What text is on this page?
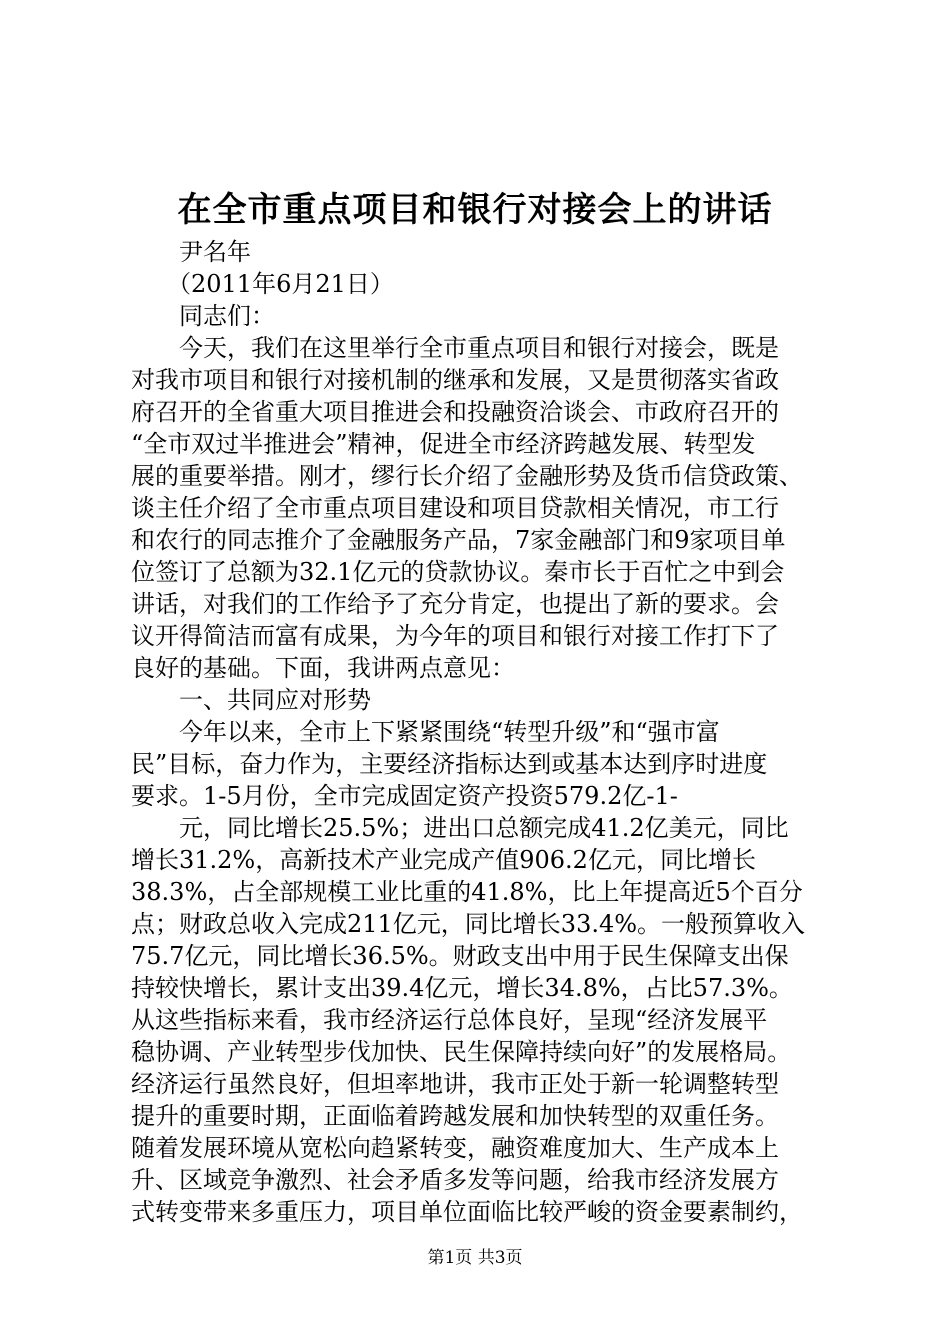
在全市重点项目和银行对接会上的讲话
尹名年
（2011年6月21日）
同志们：
今天，我们在这里举行全市重点项目和银行对接会，既是
对我市项目和银行对接机制的继承和发展，又是贯彻落实省政
府召开的全省重大项目推进会和投融资洽谈会、市政府召开的
“全市双过半推进会”精神，促进全市经济跨越发展、转型发
展的重要举措。刚才，缪行长介绍了金融形势及货币信贷政策、
谈主任介绍了全市重点项目建设和项目贷款相关情况，市工行
和农行的同志推介了金融服务产品，7家金融部门和9家项目单
位签订了总额为32.1亿元的贷款协议。秦市长于百忙之中到会
讲话，对我们的工作给予了充分肯定，也提出了新的要求。会
议开得简洁而富有成果，为今年的项目和银行对接工作打下了
良好的基础。下面，我讲两点意见：
一、共同应对形势
今年以来，全市上下紧紧围绕“转型升级”和“强市富
民”目标，奋力作为，主要经济指标达到或基本达到序时进度
要求。1-5月份，全市完成固定资产投资579.2亿-1-
元，同比增长25.5%；进出口总额完成41.2亿美元，同比
增长31.2%，高新技术产业完成产值906.2亿元，同比增长
38.3%，占全部规模工业比重的41.8%，比上年提高近5个百分
点；财政总收入完成211亿元，同比增长33.4%。一般预算收入
75.7亿元，同比增长36.5%。财政支出中用于民生保障支出保
持较快增长，累计支出39.4亿元，增长34.8%，占比57.3%。
从这些指标来看，我市经济运行总体良好，呈现“经济发展平
稳协调、产业转型步伐加快、民生保障持续向好”的发展格局。
经济运行虽然良好，但坦率地讲，我市正处于新一轮调整转型
提升的重要时期，正面临着跨越发展和加快转型的双重任务。
随着发展环境从宽松向趋紧转变，融资难度加大、生产成本上
升、区域竞争激烈、社会矛盾多发等问题，给我市经济发展方
式转变带来多重压力，项目单位面临比较严峻的资金要素制约，
第1页 共3页
